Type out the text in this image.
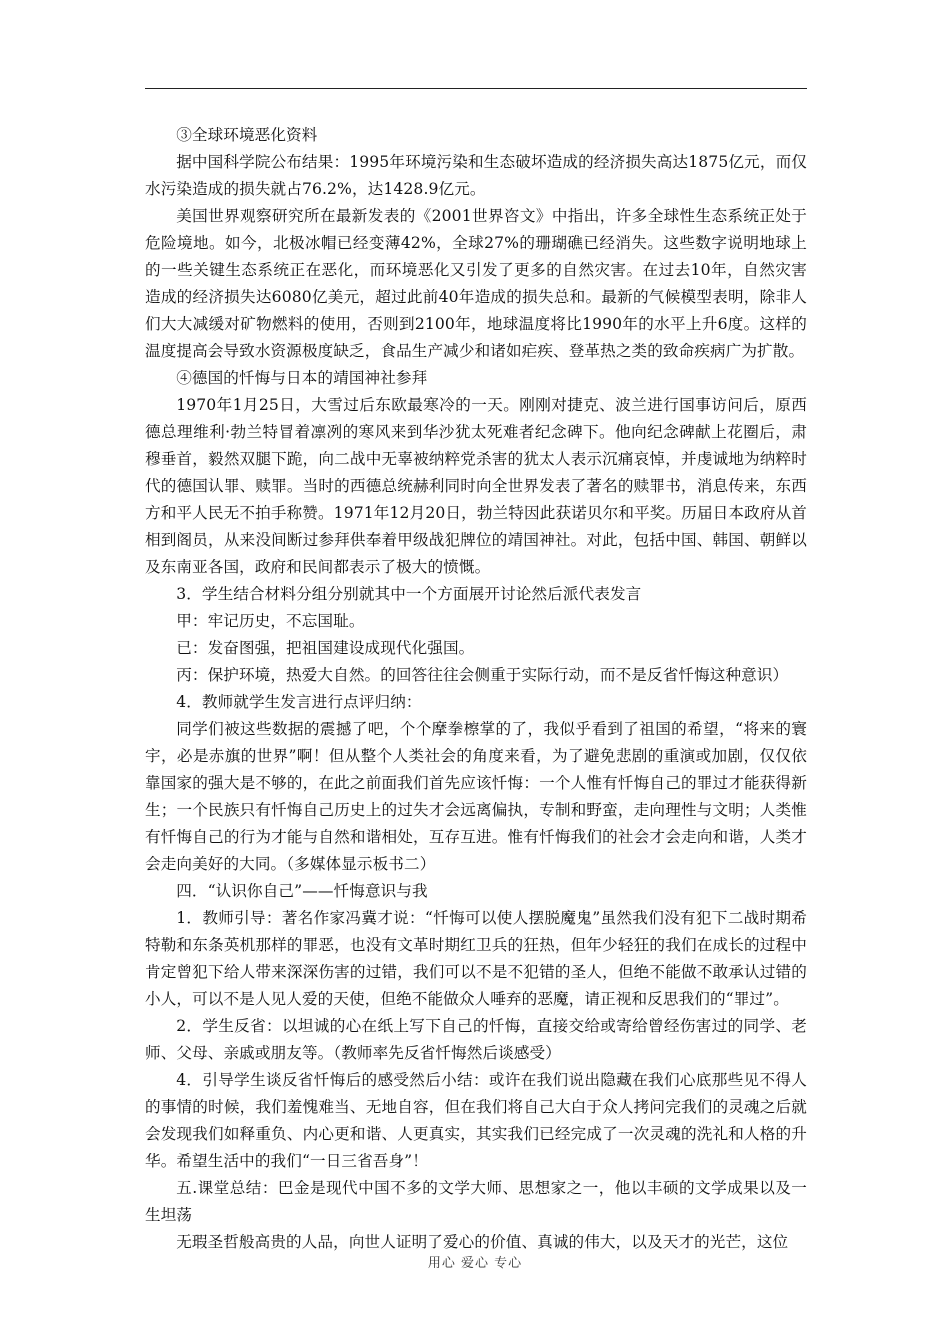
③全球环境恶化资料

据中国科学院公布结果：1995年环境污染和生态破坏造成的经济损失高达1875亿元，而仅水污染造成的损失就占76.2%，达1428.9亿元。

美国世界观察研究所在最新发表的《2001世界咨文》中指出，许多全球性生态系统正处于危险境地。如今，北极冰帽已经变薄42%，全球27%的珊瑚礁已经消失。这些数字说明地球上的一些关键生态系统正在恶化，而环境恶化又引发了更多的自然灾害。在过去10年，自然灾害造成的经济损失达6080亿美元，超过此前40年造成的损失总和。最新的气候模型表明，除非人们大大减缓对矿物燃料的使用，否则到2100年，地球温度将比1990年的水平上升6度。这样的温度提高会导致水资源极度缺乏，食品生产减少和诸如疟疾、登革热之类的致命疾病广为扩散。

④德国的忏悔与日本的靖国神社参拜

1970年1月25日，大雪过后东欧最寒冷的一天。刚刚对捷克、波兰进行国事访问后，原西德总理维利·勃兰特冒着凛冽的寒风来到华沙犹太死难者纪念碑下。他向纪念碑献上花圈后，肃穆垂首，毅然双腿下跪，向二战中无辜被纳粹党杀害的犹太人表示沉痛哀悼，并虔诚地为纳粹时代的德国认罪、赎罪。当时的西德总统赫利同时向全世界发表了著名的赎罪书，消息传来，东西方和平人民无不拍手称赞。1971年12月20日，勃兰特因此获诺贝尔和平奖。历届日本政府从首相到阁员，从来没间断过参拜供奉着甲级战犯牌位的靖国神社。对此，包括中国、韩国、朝鲜以及东南亚各国，政府和民间都表示了极大的愤慨。

3．学生结合材料分组分别就其中一个方面展开讨论然后派代表发言

甲：牢记历史，不忘国耻。

已：发奋图强，把祖国建设成现代化强国。

丙：保护环境，热爱大自然。的回答往往会侧重于实际行动，而不是反省忏悔这种意识）

4．教师就学生发言进行点评归纳：

同学们被这些数据的震撼了吧，个个摩拳檫掌的了，我似乎看到了祖国的希望，“将来的寰宇，必是赤旗的世界”啊！但从整个人类社会的角度来看，为了避免悲剧的重演或加剧，仅仅依靠国家的强大是不够的，在此之前面我们首先应该忏悔：一个人惟有忏悔自己的罪过才能获得新生；一个民族只有忏悔自己历史上的过失才会远离偏执，专制和野蛮，走向理性与文明；人类惟有忏悔自己的行为才能与自然和谐相处，互存互进。惟有忏悔我们的社会才会走向和谐，人类才会走向美好的大同。（多媒体显示板书二）

四．“认识你自己”——忏悔意识与我

1．教师引导：著名作家冯冀才说：“忏悔可以使人摆脱魔鬼”虽然我们没有犯下二战时期希特勒和东条英机那样的罪恶，也没有文革时期红卫兵的狂热，但年少轻狂的我们在成长的过程中肯定曾犯下给人带来深深伤害的过错，我们可以不是不犯错的圣人，但绝不能做不敢承认过错的小人，可以不是人见人爱的天使，但绝不能做众人唾弃的恶魔，请正视和反思我们的“罪过”。

2．学生反省：以坦诚的心在纸上写下自己的忏悔，直接交给或寄给曾经伤害过的同学、老师、父母、亲戚或朋友等。（教师率先反省忏悔然后谈感受）

4．引导学生谈反省忏悔后的感受然后小结：或许在我们说出隐藏在我们心底那些见不得人的事情的时候，我们羞愧难当、无地自容，但在我们将自己大白于众人拷问完我们的灵魂之后就会发现我们如释重负、内心更和谐、人更真实，其实我们已经完成了一次灵魂的洗礼和人格的升华。希望生活中的我们“一日三省吾身”！

五.课堂总结：巴金是现代中国不多的文学大师、思想家之一，他以丰硕的文学成果以及一生坦荡

无瑕圣哲般高贵的人品，向世人证明了爱心的价值、真诚的伟大，以及天才的光芒，这位

用心 爱心 专心
